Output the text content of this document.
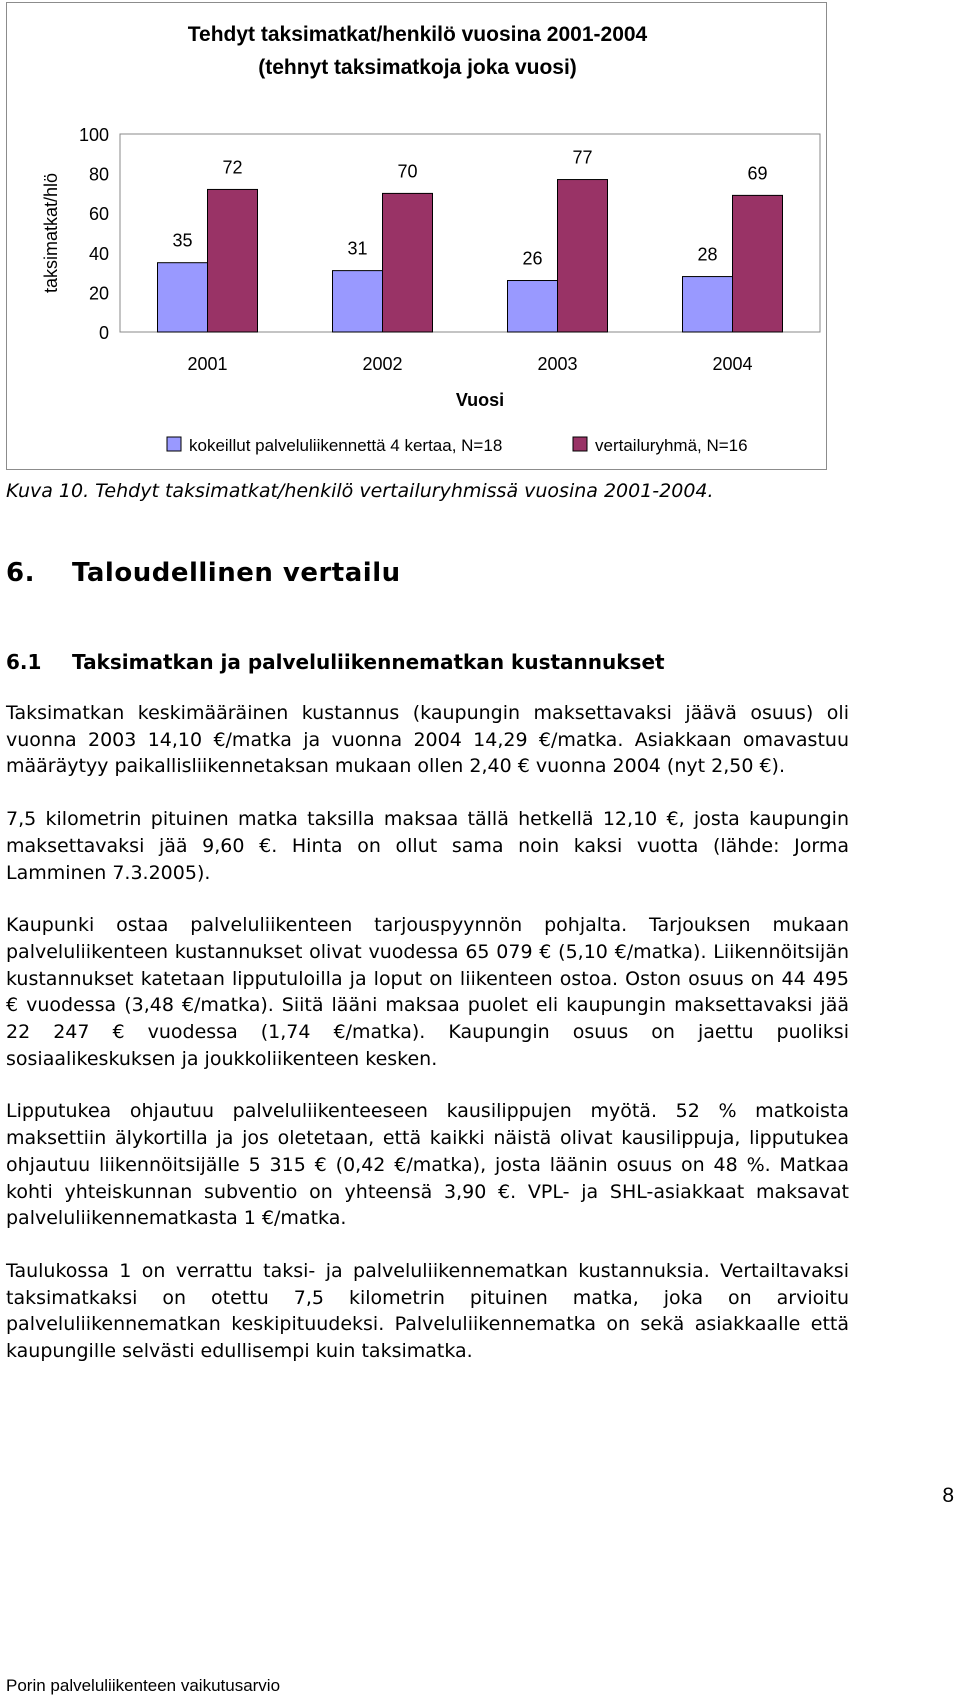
Tehdyt taksimatkat/henkilö vuosina 2001-2004
(tehnyt taksimatkoja joka vuosi)
0
20
40
60
80
100
taksimatkat/hlö	35
72
2001
31
70
2002
26
77
2003
28
69
2004
Vuosi
kokeillut palveluliikennettä 4 kertaa, N=18	vertailuryhmä, N=16
Kuva 10. Tehdyt taksimatkat/henkilö vertailuryhmissä vuosina 2001-2004.
6. Taloudellinen vertailu
6.1 Taksimatkan ja palveluliikennematkan kustannukset

Taksimatkan keskimääräinen kustannus (kaupungin maksettavaksi jäävä osuus) oli vuonna 2003 14,10 €/matka ja vuonna 2004 14,29 €/matka. Asiakkaan omavastuu määräytyy paikallisliikennetaksan mukaan ollen 2,40 € vuonna 2004 (nyt 2,50 €).

7,5 kilometrin pituinen matka taksilla maksaa tällä hetkellä 12,10 €, josta kaupungin maksettavaksi jää 9,60 €. Hinta on ollut sama noin kaksi vuotta (lähde: Jorma Lamminen 7.3.2005).

Kaupunki ostaa palveluliikenteen tarjouspyynnön pohjalta. Tarjouksen mukaan palveluliikenteen kustannukset olivat vuodessa 65 079 € (5,10 €/matka). Liikennöitsijän kustannukset katetaan lipputuloilla ja loput on liikenteen ostoa. Oston osuus on 44 495 € vuodessa (3,48 €/matka). Siitä lääni maksaa puolet eli kaupungin maksettavaksi jää 22 247 € vuodessa (1,74 €/matka). Kaupungin osuus on jaettu puoliksi sosiaalikeskuksen ja joukkoliikenteen kesken.

Lipputukea ohjautuu palveluliikenteeseen kausilippujen myötä. 52 % matkoista maksettiin älykortilla ja jos oletetaan, että kaikki näistä olivat kausilippuja, lipputukea ohjautuu liikennöitsijälle 5 315 € (0,42 €/matka), josta läänin osuus on 48 %. Matkaa kohti yhteiskunnan subventio on yhteensä 3,90 €. VPL- ja SHL-asiakkaat maksavat palveluliikennematkasta 1 €/matka.

Taulukossa 1 on verrattu taksi- ja palveluliikennematkan kustannuksia. Vertailtavaksi taksimatkaksi on otettu 7,5 kilometrin pituinen matka, joka on arvioitu palveluliikennematkan keskipituudeksi. Palveluliikennematka on sekä asiakkaalle että kaupungille selvästi edullisempi kuin taksimatka.

8
Porin palveluliikenteen vaikutusarvio
